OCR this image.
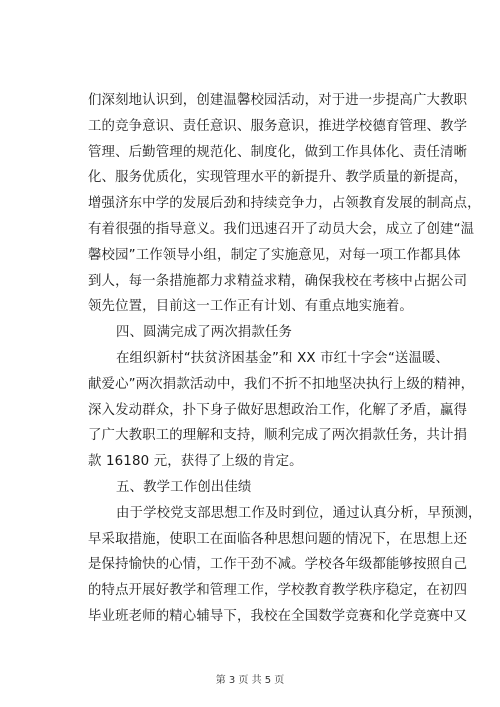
们深刻地认识到，创建温馨校园活动，对于进一步提高广大教职
工的竞争意识、责任意识、服务意识，推进学校德育管理、教学
管理、后勤管理的规范化、制度化，做到工作具体化、责任清晰
化、服务优质化，实现管理水平的新提升、教学质量的新提高，
增强济东中学的发展后劲和持续竞争力，占领教育发展的制高点，
有着很强的指导意义。我们迅速召开了动员大会，成立了创建“温
馨校园”工作领导小组，制定了实施意见，对每一项工作都具体
到人，每一条措施都力求精益求精，确保我校在考核中占据公司
领先位置，目前这一工作正有计划、有重点地实施着。
四、圆满完成了两次捐款任务
在组织新村“扶贫济困基金”和 XX 市红十字会“送温暖、
献爱心”两次捐款活动中，我们不折不扣地坚决执行上级的精神，
深入发动群众，扑下身子做好思想政治工作，化解了矛盾，赢得
了广大教职工的理解和支持，顺利完成了两次捐款任务，共计捐
款 16180 元，获得了上级的肯定。
五、教学工作创出佳绩
由于学校党支部思想工作及时到位，通过认真分析，早预测，
早采取措施，使职工在面临各种思想问题的情况下，在思想上还
是保持愉快的心情，工作干劲不减。学校各年级都能够按照自己
的特点开展好教学和管理工作，学校教育教学秩序稳定，在初四
毕业班老师的精心辅导下，我校在全国数学竞赛和化学竞赛中又
第 3 页 共 5 页
